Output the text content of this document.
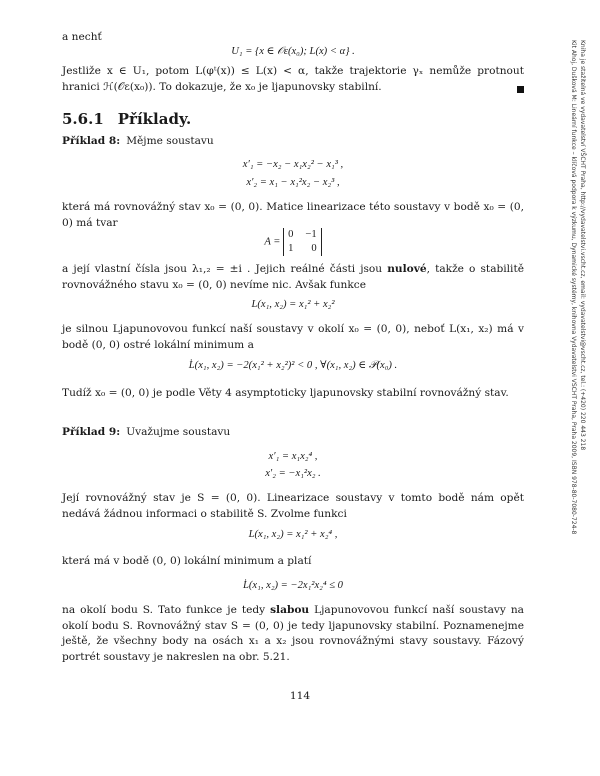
Kit Ahoj, Dušková M: Lineární funkce – klíčová podpora k výzkumu, Dynamické systémy, knihovna Vydavatelstvi VSCHT Praha, Praha 2009, ISBN 978-80-7080-724-8 Kniha je stažitelná ve vydavatelství VŠCHT Praha, http://vydavatelstvi.vscht.cz, email: vydavatelstvi@vscht.cz, tel.: (+420) 220 443 218
a nechť
U₁ = {x ∈ 𝒪ε(x₀); L(x) < α} .
Jestliže x ∈ U₁, potom L(φᵗ(x)) ≤ L(x) < α, takže trajektorie γₓ nemůže protnout hranici ℋ(𝒪ε(x₀)). To dokazuje, že x₀ je ljapunovsky stabilní.
5.6.1 Příklady.
Příklad 8: Mějme soustavu
x′₁ = −x₂ − x₁x₂² − x₁³ ,
x′₂ = x₁ − x₁²x₂ − x₂³ ,
která má rovnovážný stav x₀ = (0, 0). Matice linearizace této soustavy v bodě x₀ = (0, 0) má tvar
A =
0 −1
1 0
a její vlastní čísla jsou λ₁,₂ = ±i . Jejich reálné části jsou nulové, takže o stabilitě rovnovážného stavu x₀ = (0, 0) nevíme nic. Avšak funkce
L(x₁, x₂) = x₁² + x₂²
je silnou Ljapunovovou funkcí naší soustavy v okolí x₀ = (0, 0), neboť L(x₁, x₂) má v bodě (0, 0) ostré lokální minimum a
L̇(x₁, x₂) = −2(x₁² + x₂²)² < 0 , ∀(x₁, x₂) ∈ 𝒫(x₀) .
Tudíž x₀ = (0, 0) je podle Věty 4 asymptoticky ljapunovsky stabilní rovnovážný stav.
Příklad 9: Uvažujme soustavu
x′₁ = x₁x₂⁴ ,
x′₂ = −x₁²x₂ .
Její rovnovážný stav je S = (0, 0). Linearizace soustavy v tomto bodě nám opět nedává žádnou informaci o stabilitě S. Zvolme funkci
L(x₁, x₂) = x₁² + x₂⁴ ,
která má v bodě (0, 0) lokální minimum a platí
L̇(x₁, x₂) = −2x₁²x₂⁴ ≤ 0
na okolí bodu S. Tato funkce je tedy slabou Ljapunovovou funkcí naší soustavy na okolí bodu S. Rovnovážný stav S = (0, 0) je tedy ljapunovsky stabilní. Poznamenejme ještě, že všechny body na osách x₁ a x₂ jsou rovnovážnými stavy soustavy. Fázový portrét soustavy je nakreslen na obr. 5.21.
114
